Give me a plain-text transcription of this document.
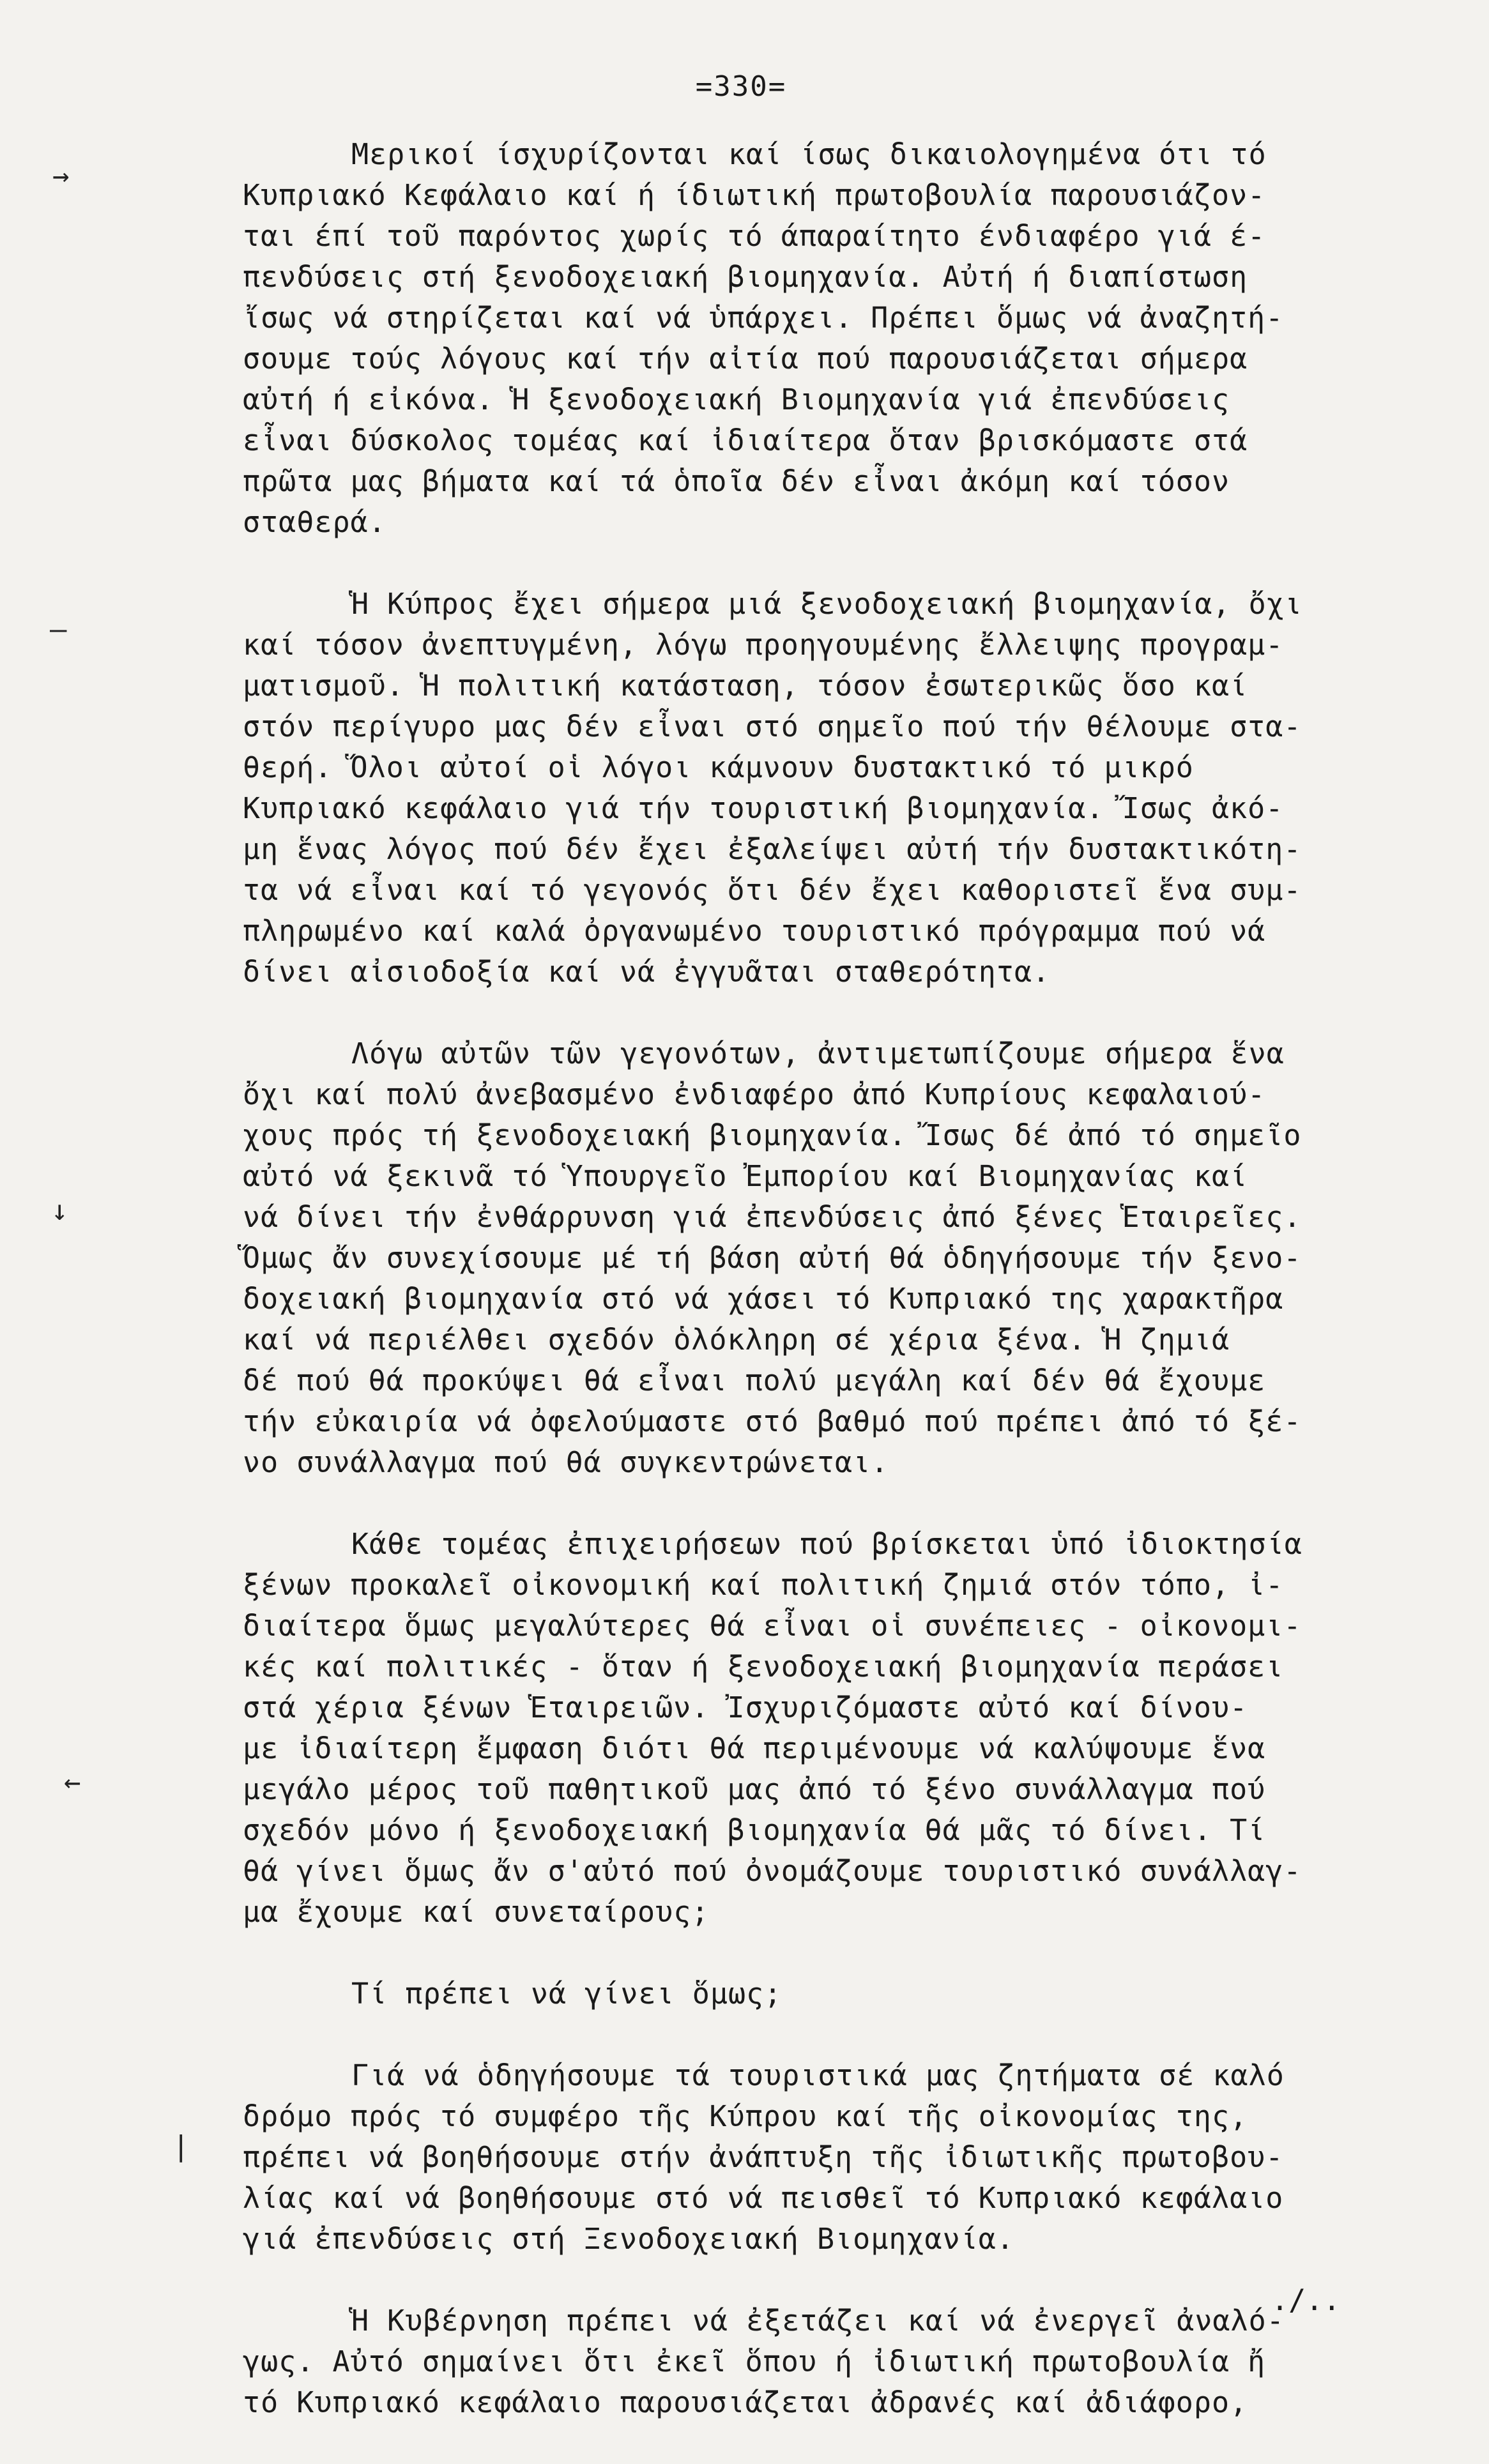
=330=
→
—
↓
←
|
Μερικοί ίσχυρίζονται καί ίσως δικαιολογημένα ότι τό
Κυπριακό Κεφάλαιο καί ή ίδιωτική πρωτοβουλία παρουσιάζον-
ται έπί τοῦ παρόντος χωρίς τό άπαραίτητο ένδιαφέρο γιά έ-
πενδύσεις στή ξενοδοχειακή βιομηχανία. Αὐτή ή διαπίστωση
ἴσως νά στηρίζεται καί νά ὑπάρχει. Πρέπει ὅμως νά ἀναζητή-
σουμε τούς λόγους καί τήν αἰτία πού παρουσιάζεται σήμερα
αὐτή ή εἰκόνα. Ἡ ξενοδοχειακή Βιομηχανία γιά ἐπενδύσεις
εἶναι δύσκολος τομέας καί ἰδιαίτερα ὅταν βρισκόμαστε στά
πρῶτα μας βήματα καί τά ὁποῖα δέν εἶναι ἀκόμη καί τόσον
σταθερά.
Ἡ Κύπρος ἔχει σήμερα μιά ξενοδοχειακή βιομηχανία, ὄχι
καί τόσον ἀνεπτυγμένη, λόγω προηγουμένης ἔλλειψης προγραμ-
ματισμοῦ. Ἡ πολιτική κατάσταση, τόσον ἐσωτερικῶς ὅσο καί
στόν περίγυρο μας δέν εἶναι στό σημεῖο πού τήν θέλουμε στα-
θερή. Ὅλοι αὐτοί οἱ λόγοι κάμνουν δυστακτικό τό μικρό
Κυπριακό κεφάλαιο γιά τήν τουριστική βιομηχανία. Ἴσως ἀκό-
μη ἕνας λόγος πού δέν ἔχει ἐξαλείψει αὐτή τήν δυστακτικότη-
τα νά εἶναι καί τό γεγονός ὅτι δέν ἔχει καθοριστεῖ ἕνα συμ-
πληρωμένο καί καλά ὀργανωμένο τουριστικό πρόγραμμα πού νά
δίνει αἰσιοδοξία καί νά ἐγγυᾶται σταθερότητα.
Λόγω αὐτῶν τῶν γεγονότων, ἀντιμετωπίζουμε σήμερα ἕνα
ὄχι καί πολύ ἀνεβασμένο ἐνδιαφέρο ἀπό Κυπρίους κεφαλαιού-
χους πρός τή ξενοδοχειακή βιομηχανία. Ἴσως δέ ἀπό τό σημεῖο
αὐτό νά ξεκινᾶ τό Ὑπουργεῖο Ἐμπορίου καί Βιομηχανίας καί
νά δίνει τήν ἐνθάρρυνση γιά ἐπενδύσεις ἀπό ξένες Ἑταιρεῖες.
Ὅμως ἄν συνεχίσουμε μέ τή βάση αὐτή θά ὁδηγήσουμε τήν ξενο-
δοχειακή βιομηχανία στό νά χάσει τό Κυπριακό της χαρακτῆρα
καί νά περιέλθει σχεδόν ὁλόκληρη σέ χέρια ξένα. Ἡ ζημιά
δέ πού θά προκύψει θά εἶναι πολύ μεγάλη καί δέν θά ἔχουμε
τήν εὐκαιρία νά ὀφελούμαστε στό βαθμό πού πρέπει ἀπό τό ξέ-
νο συνάλλαγμα πού θά συγκεντρώνεται.
Κάθε τομέας ἐπιχειρήσεων πού βρίσκεται ὑπό ἰδιοκτησία
ξένων προκαλεῖ οἰκονομική καί πολιτική ζημιά στόν τόπο, ἰ-
διαίτερα ὅμως μεγαλύτερες θά εἶναι οἱ συνέπειες - οἰκονομι-
κές καί πολιτικές - ὅταν ή ξενοδοχειακή βιομηχανία περάσει
στά χέρια ξένων Ἑταιρειῶν. Ἰσχυριζόμαστε αὐτό καί δίνου-
με ἰδιαίτερη ἔμφαση διότι θά περιμένουμε νά καλύψουμε ἕνα
μεγάλο μέρος τοῦ παθητικοῦ μας ἀπό τό ξένο συνάλλαγμα πού
σχεδόν μόνο ή ξενοδοχειακή βιομηχανία θά μᾶς τό δίνει. Τί
θά γίνει ὅμως ἄν σ'αὐτό πού ὀνομάζουμε τουριστικό συνάλλαγ-
μα ἔχουμε καί συνεταίρους;
Τί πρέπει νά γίνει ὅμως;
Γιά νά ὁδηγήσουμε τά τουριστικά μας ζητήματα σέ καλό
δρόμο πρός τό συμφέρο τῆς Κύπρου καί τῆς οἰκονομίας της,
πρέπει νά βοηθήσουμε στήν ἀνάπτυξη τῆς ἰδιωτικῆς πρωτοβου-
λίας καί νά βοηθήσουμε στό νά πεισθεῖ τό Κυπριακό κεφάλαιο
γιά ἐπενδύσεις στή Ξενοδοχειακή Βιομηχανία.
Ἡ Κυβέρνηση πρέπει νά ἐξετάζει καί νά ἐνεργεῖ ἀναλό-
γως. Αὐτό σημαίνει ὅτι ἐκεῖ ὅπου ή ἰδιωτική πρωτοβουλία ἤ
τό Κυπριακό κεφάλαιο παρουσιάζεται ἀδρανές καί ἀδιάφορο,
./..
